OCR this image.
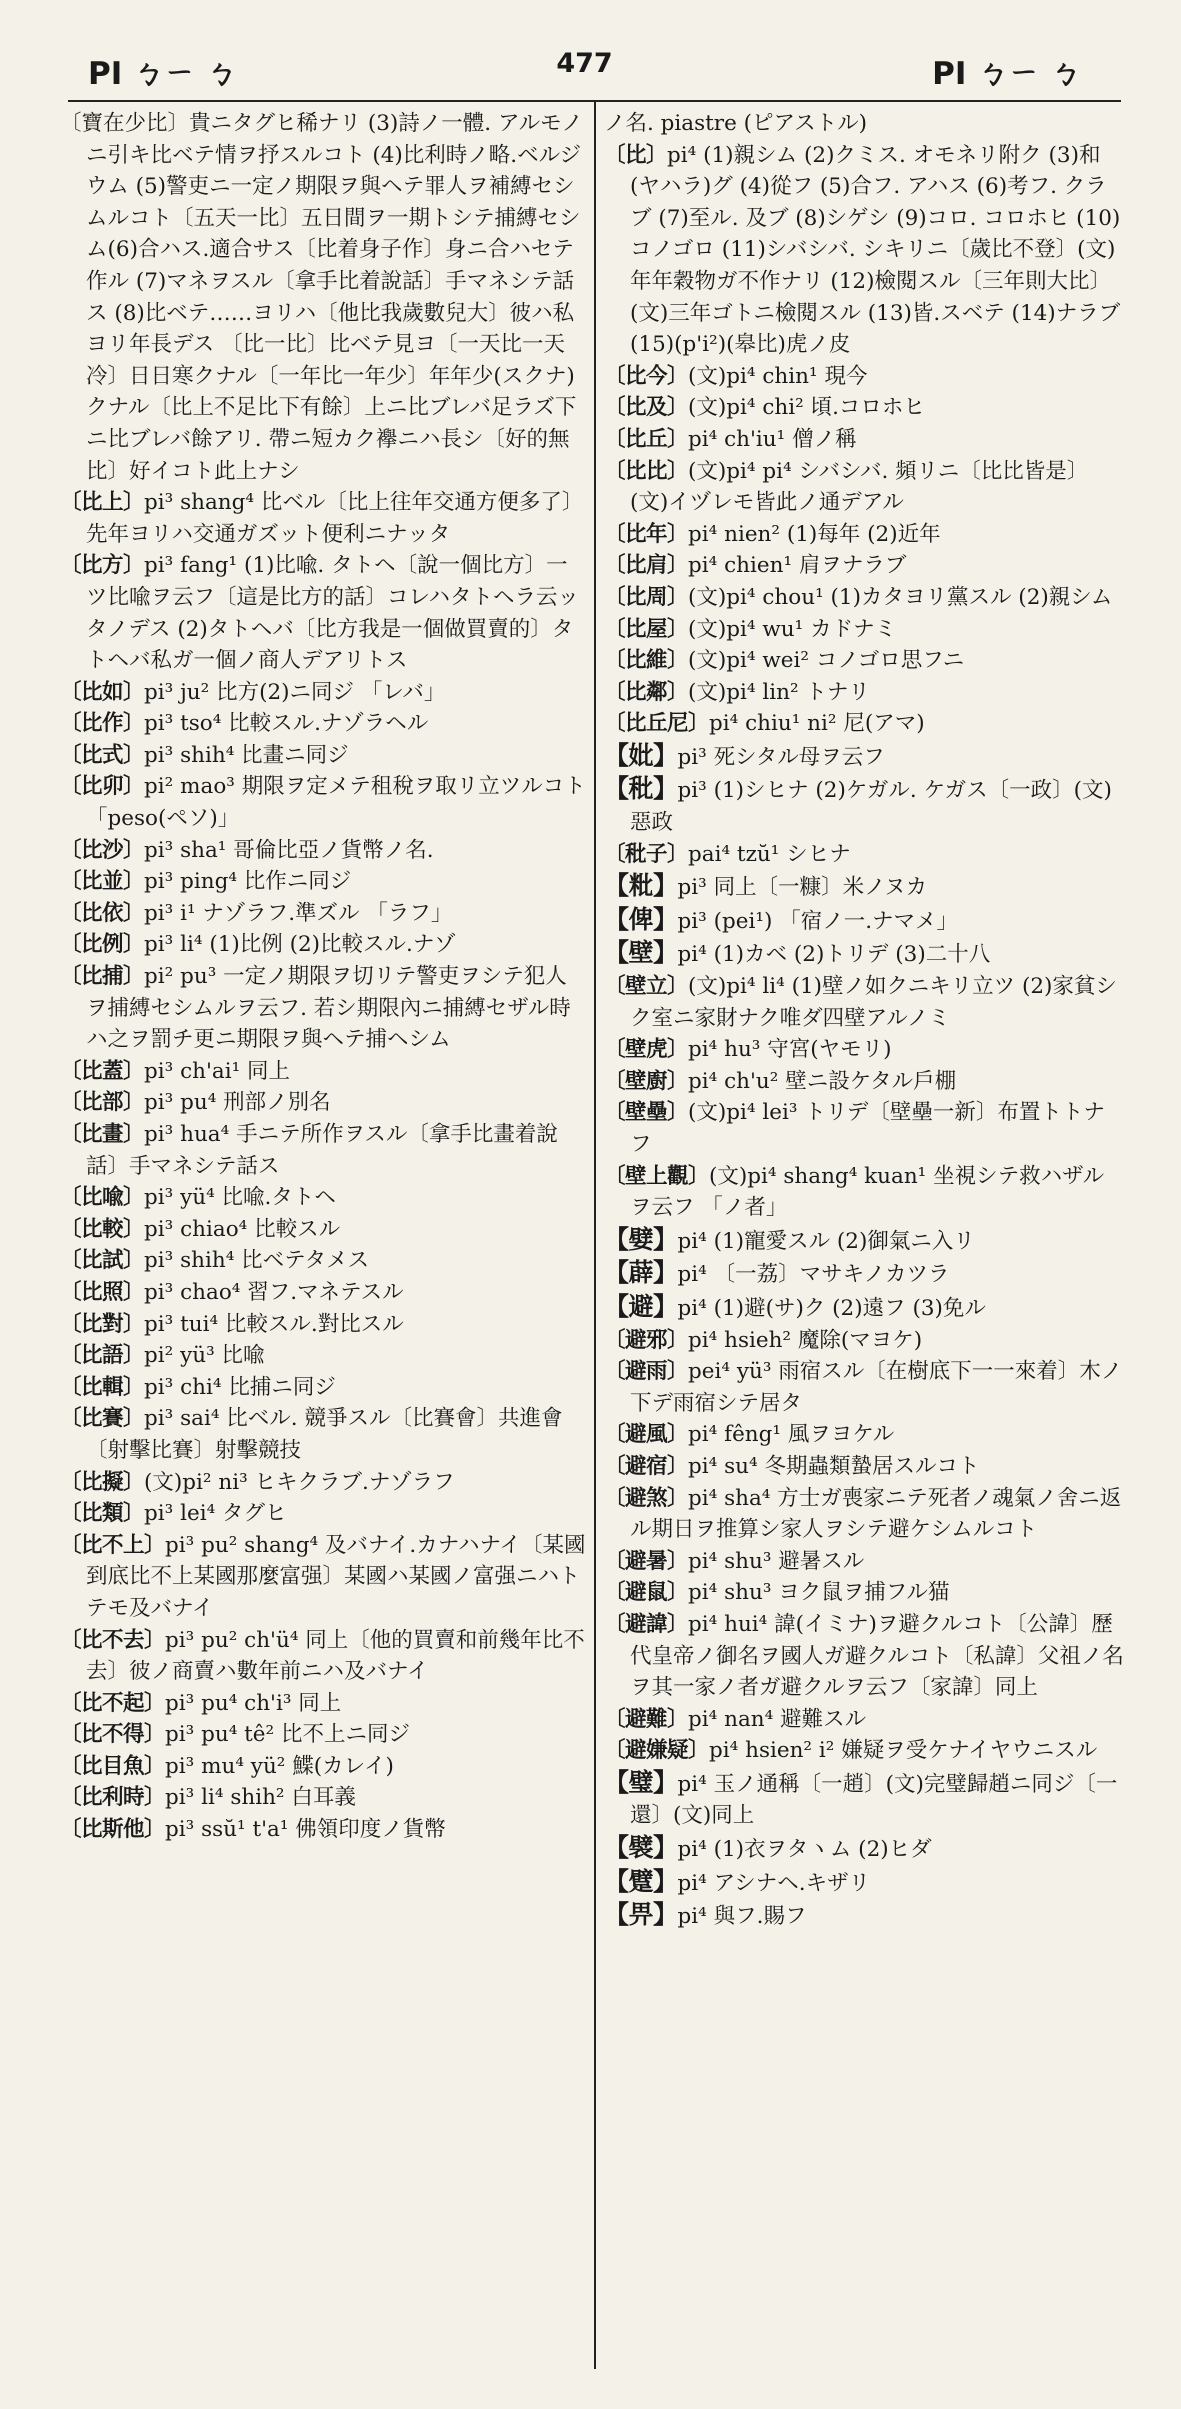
PI ㄅㄧ ㄅ	477	PI ㄅㄧ ㄅ
〔寶在少比〕貴ニタグヒ稀ナリ (3)詩ノ一體. アルモノニ引キ比ベテ情ヲ抒スルコト (4)比利時ノ略.ベルジウム (5)警吏ニ一定ノ期限ヲ與ヘテ罪人ヲ補縛セシムルコト〔五天一比〕五日間ヲ一期トシテ捕縛セシム(6)合ハス.適合サス〔比着身子作〕身ニ合ハセテ作ル (7)マネヲスル〔拿手比着說話〕手マネシテ話ス (8)比ベテ……ヨリハ〔他比我歲數兒大〕彼ハ私ヨリ年長デス 〔比一比〕比ベテ見ヨ〔一天比一天冷〕日日寒クナル〔一年比一年少〕年年少(スクナ)クナル〔比上不足比下有餘〕上ニ比ブレバ足ラズ下ニ比ブレバ餘アリ. 帶ニ短カク襷ニハ長シ〔好的無比〕好イコト此上ナシ
〔比上〕pi³ shang⁴ 比ベル〔比上往年交通方便多了〕先年ヨリハ交通ガズット便利ニナッタ
〔比方〕pi³ fang¹ (1)比喩. タトヘ〔說一個比方〕一ツ比喩ヲ云フ〔這是比方的話〕コレハタトヘラ云ッタノデス (2)タトヘバ〔比方我是一個做買賣的〕タトヘバ私ガ一個ノ商人デアリトス
〔比如〕pi³ ju² 比方(2)ニ同ジ 「レバ」
〔比作〕pi³ tso⁴ 比較スル.ナゾラヘル
〔比式〕pi³ shih⁴ 比畫ニ同ジ
〔比卯〕pi² mao³ 期限ヲ定メテ租稅ヲ取リ立ツルコト 「peso(ペソ)」
〔比沙〕pi³ sha¹ 哥倫比亞ノ貨幣ノ名.
〔比並〕pi³ ping⁴ 比作ニ同ジ
〔比依〕pi³ i¹ ナゾラフ.準ズル 「ラフ」
〔比例〕pi³ li⁴ (1)比例 (2)比較スル.ナゾ
〔比捕〕pi² pu³ 一定ノ期限ヲ切リテ警吏ヲシテ犯人ヲ捕縛セシムルヲ云フ. 若シ期限內ニ捕縛セザル時ハ之ヲ罰チ更ニ期限ヲ與ヘテ捕ヘシム
〔比蓋〕pi³ ch'ai¹ 同上
〔比部〕pi³ pu⁴ 刑部ノ別名
〔比畫〕pi³ hua⁴ 手ニテ所作ヲスル〔拿手比畫着說話〕手マネシテ話ス
〔比喩〕pi³ yü⁴ 比喩.タトヘ
〔比較〕pi³ chiao⁴ 比較スル
〔比試〕pi³ shih⁴ 比ベテタメス
〔比照〕pi³ chao⁴ 習フ.マネテスル
〔比對〕pi³ tui⁴ 比較スル.對比スル
〔比語〕pi² yü³ 比喩
〔比輯〕pi³ chi⁴ 比捕ニ同ジ
〔比賽〕pi³ sai⁴ 比ベル. 競爭スル〔比賽會〕共進會〔射擊比賽〕射擊競技
〔比擬〕(文)pi² ni³ ヒキクラブ.ナゾラフ
〔比類〕pi³ lei⁴ タグヒ
〔比不上〕pi³ pu² shang⁴ 及バナイ.カナハナイ〔某國到底比不上某國那麼富强〕某國ハ某國ノ富强ニハトテモ及バナイ
〔比不去〕pi³ pu² ch'ü⁴ 同上〔他的買賣和前幾年比不去〕彼ノ商賣ハ數年前ニハ及バナイ
〔比不起〕pi³ pu⁴ ch'i³ 同上
〔比不得〕pi³ pu⁴ tê² 比不上ニ同ジ
〔比目魚〕pi³ mu⁴ yü² 鰈(カレイ)
〔比利時〕pi³ li⁴ shih² 白耳義
〔比斯他〕pi³ ssŭ¹ t'a¹ 佛領印度ノ貨幣
ノ名. piastre (ピアストル)
〔比〕pi⁴ (1)親シム (2)クミス. オモネリ附ク (3)和(ヤハラ)グ (4)從フ (5)合フ. アハス (6)考フ. クラブ (7)至ル. 及ブ (8)シゲシ (9)コロ. コロホヒ (10)コノゴロ (11)シバシバ. シキリニ〔歲比不登〕(文)年年穀物ガ不作ナリ (12)檢閱スル〔三年則大比〕(文)三年ゴトニ檢閱スル (13)皆.スベテ (14)ナラブ (15)(p'i²)(皋比)虎ノ皮
〔比今〕(文)pi⁴ chin¹ 現今
〔比及〕(文)pi⁴ chi² 頃.コロホヒ
〔比丘〕pi⁴ ch'iu¹ 僧ノ稱
〔比比〕(文)pi⁴ pi⁴ シバシバ. 頻リニ〔比比皆是〕(文)イヅレモ皆此ノ通デアル
〔比年〕pi⁴ nien² (1)每年 (2)近年
〔比肩〕pi⁴ chien¹ 肩ヲナラブ
〔比周〕(文)pi⁴ chou¹ (1)カタヨリ黨スル (2)親シム
〔比屋〕(文)pi⁴ wu¹ カドナミ
〔比維〕(文)pi⁴ wei² コノゴロ思フニ
〔比鄰〕(文)pi⁴ lin² トナリ
〔比丘尼〕pi⁴ chiu¹ ni² 尼(アマ)
【妣】pi³ 死シタル母ヲ云フ
【秕】pi³ (1)シヒナ (2)ケガル. ケガス〔一政〕(文)惡政
〔秕子〕pai⁴ tzŭ¹ シヒナ
【粃】pi³ 同上〔一糠〕米ノヌカ
【俾】pi³ (pei¹) 「宿ノ一.ナマメ」
【壁】pi⁴ (1)カベ (2)トリデ (3)二十八
〔壁立〕(文)pi⁴ li⁴ (1)壁ノ如クニキリ立ツ (2)家貧シク室ニ家財ナク唯ダ四壁アルノミ
〔壁虎〕pi⁴ hu³ 守宮(ヤモリ)
〔壁廚〕pi⁴ ch'u² 壁ニ設ケタル戶棚
〔壁壘〕(文)pi⁴ lei³ トリデ〔壁壘一新〕布置トトナフ
〔壁上觀〕(文)pi⁴ shang⁴ kuan¹ 坐視シテ救ハザルヲ云フ 「ノ者」
【嬖】pi⁴ (1)寵愛スル (2)御氣ニ入リ
【薜】pi⁴ 〔一荔〕マサキノカツラ
【避】pi⁴ (1)避(サ)ク (2)遠フ (3)免ル
〔避邪〕pi⁴ hsieh² 魔除(マヨケ)
〔避雨〕pei⁴ yü³ 雨宿スル〔在樹底下一一來着〕木ノ下デ雨宿シテ居タ
〔避風〕pi⁴ fêng¹ 風ヲヨケル
〔避宿〕pi⁴ su⁴ 冬期蟲類蟄居スルコト
〔避煞〕pi⁴ sha⁴ 方士ガ喪家ニテ死者ノ魂氣ノ舍ニ返ル期日ヲ推算シ家人ヲシテ避ケシムルコト
〔避暑〕pi⁴ shu³ 避暑スル
〔避鼠〕pi⁴ shu³ ヨク鼠ヲ捕フル猫
〔避諱〕pi⁴ hui⁴ 諱(イミナ)ヲ避クルコト〔公諱〕歷代皇帝ノ御名ヲ國人ガ避クルコト〔私諱〕父祖ノ名ヲ其一家ノ者ガ避クルヲ云フ〔家諱〕同上
〔避難〕pi⁴ nan⁴ 避難スル
〔避嫌疑〕pi⁴ hsien² i² 嫌疑ヲ受ケナイヤウニスル
【璧】pi⁴ 玉ノ通稱〔一趙〕(文)完璧歸趙ニ同ジ〔一還〕(文)同上
【襞】pi⁴ (1)衣ヲタヽム (2)ヒダ
【躄】pi⁴ アシナヘ.キザリ
【畀】pi⁴ 與フ.賜フ
